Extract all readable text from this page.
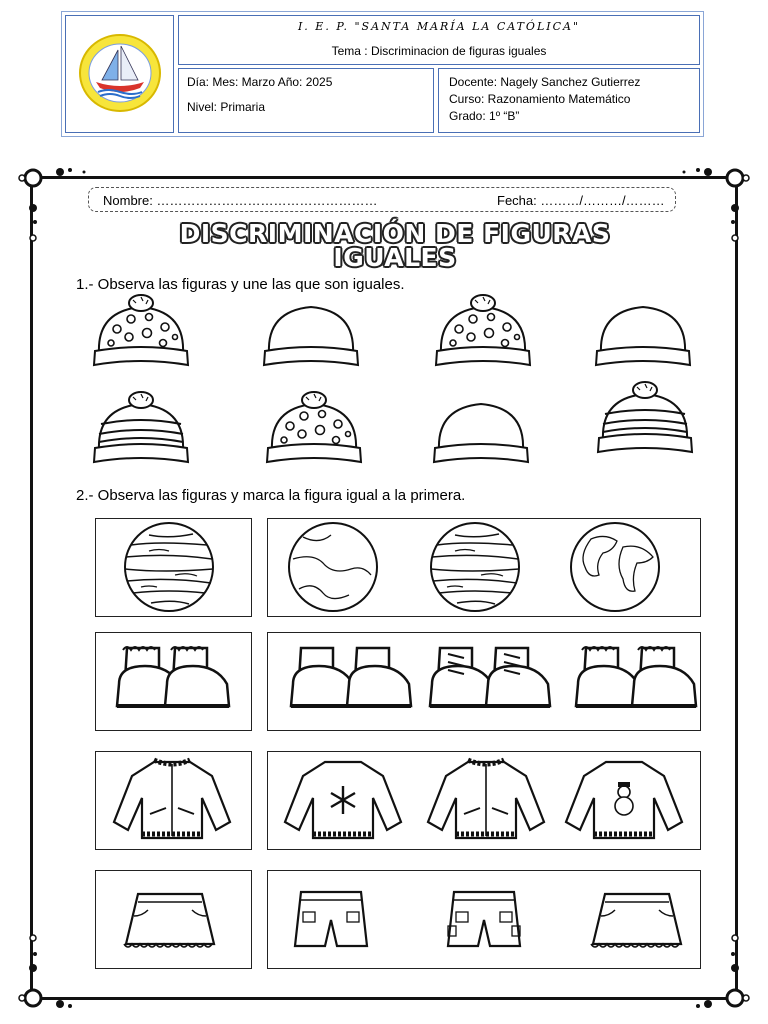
I. E. P. "SANTA MARÍA LA CATÓLICA"
Tema : Discriminacion de figuras iguales
Día: Mes: Marzo Año: 2025
Nivel: Primaria
Docente: Nagely Sanchez Gutierrez
Curso: Razonamiento Matemático
Grado: 1º “B”
Nombre: ……………………………………………	Fecha: ………/………/………
DISCRIMINACIÓN DE FIGURAS
IGUALES
1.- Observa las figuras y une las que son iguales.
2.- Observa las figuras y marca la figura igual a la primera.
